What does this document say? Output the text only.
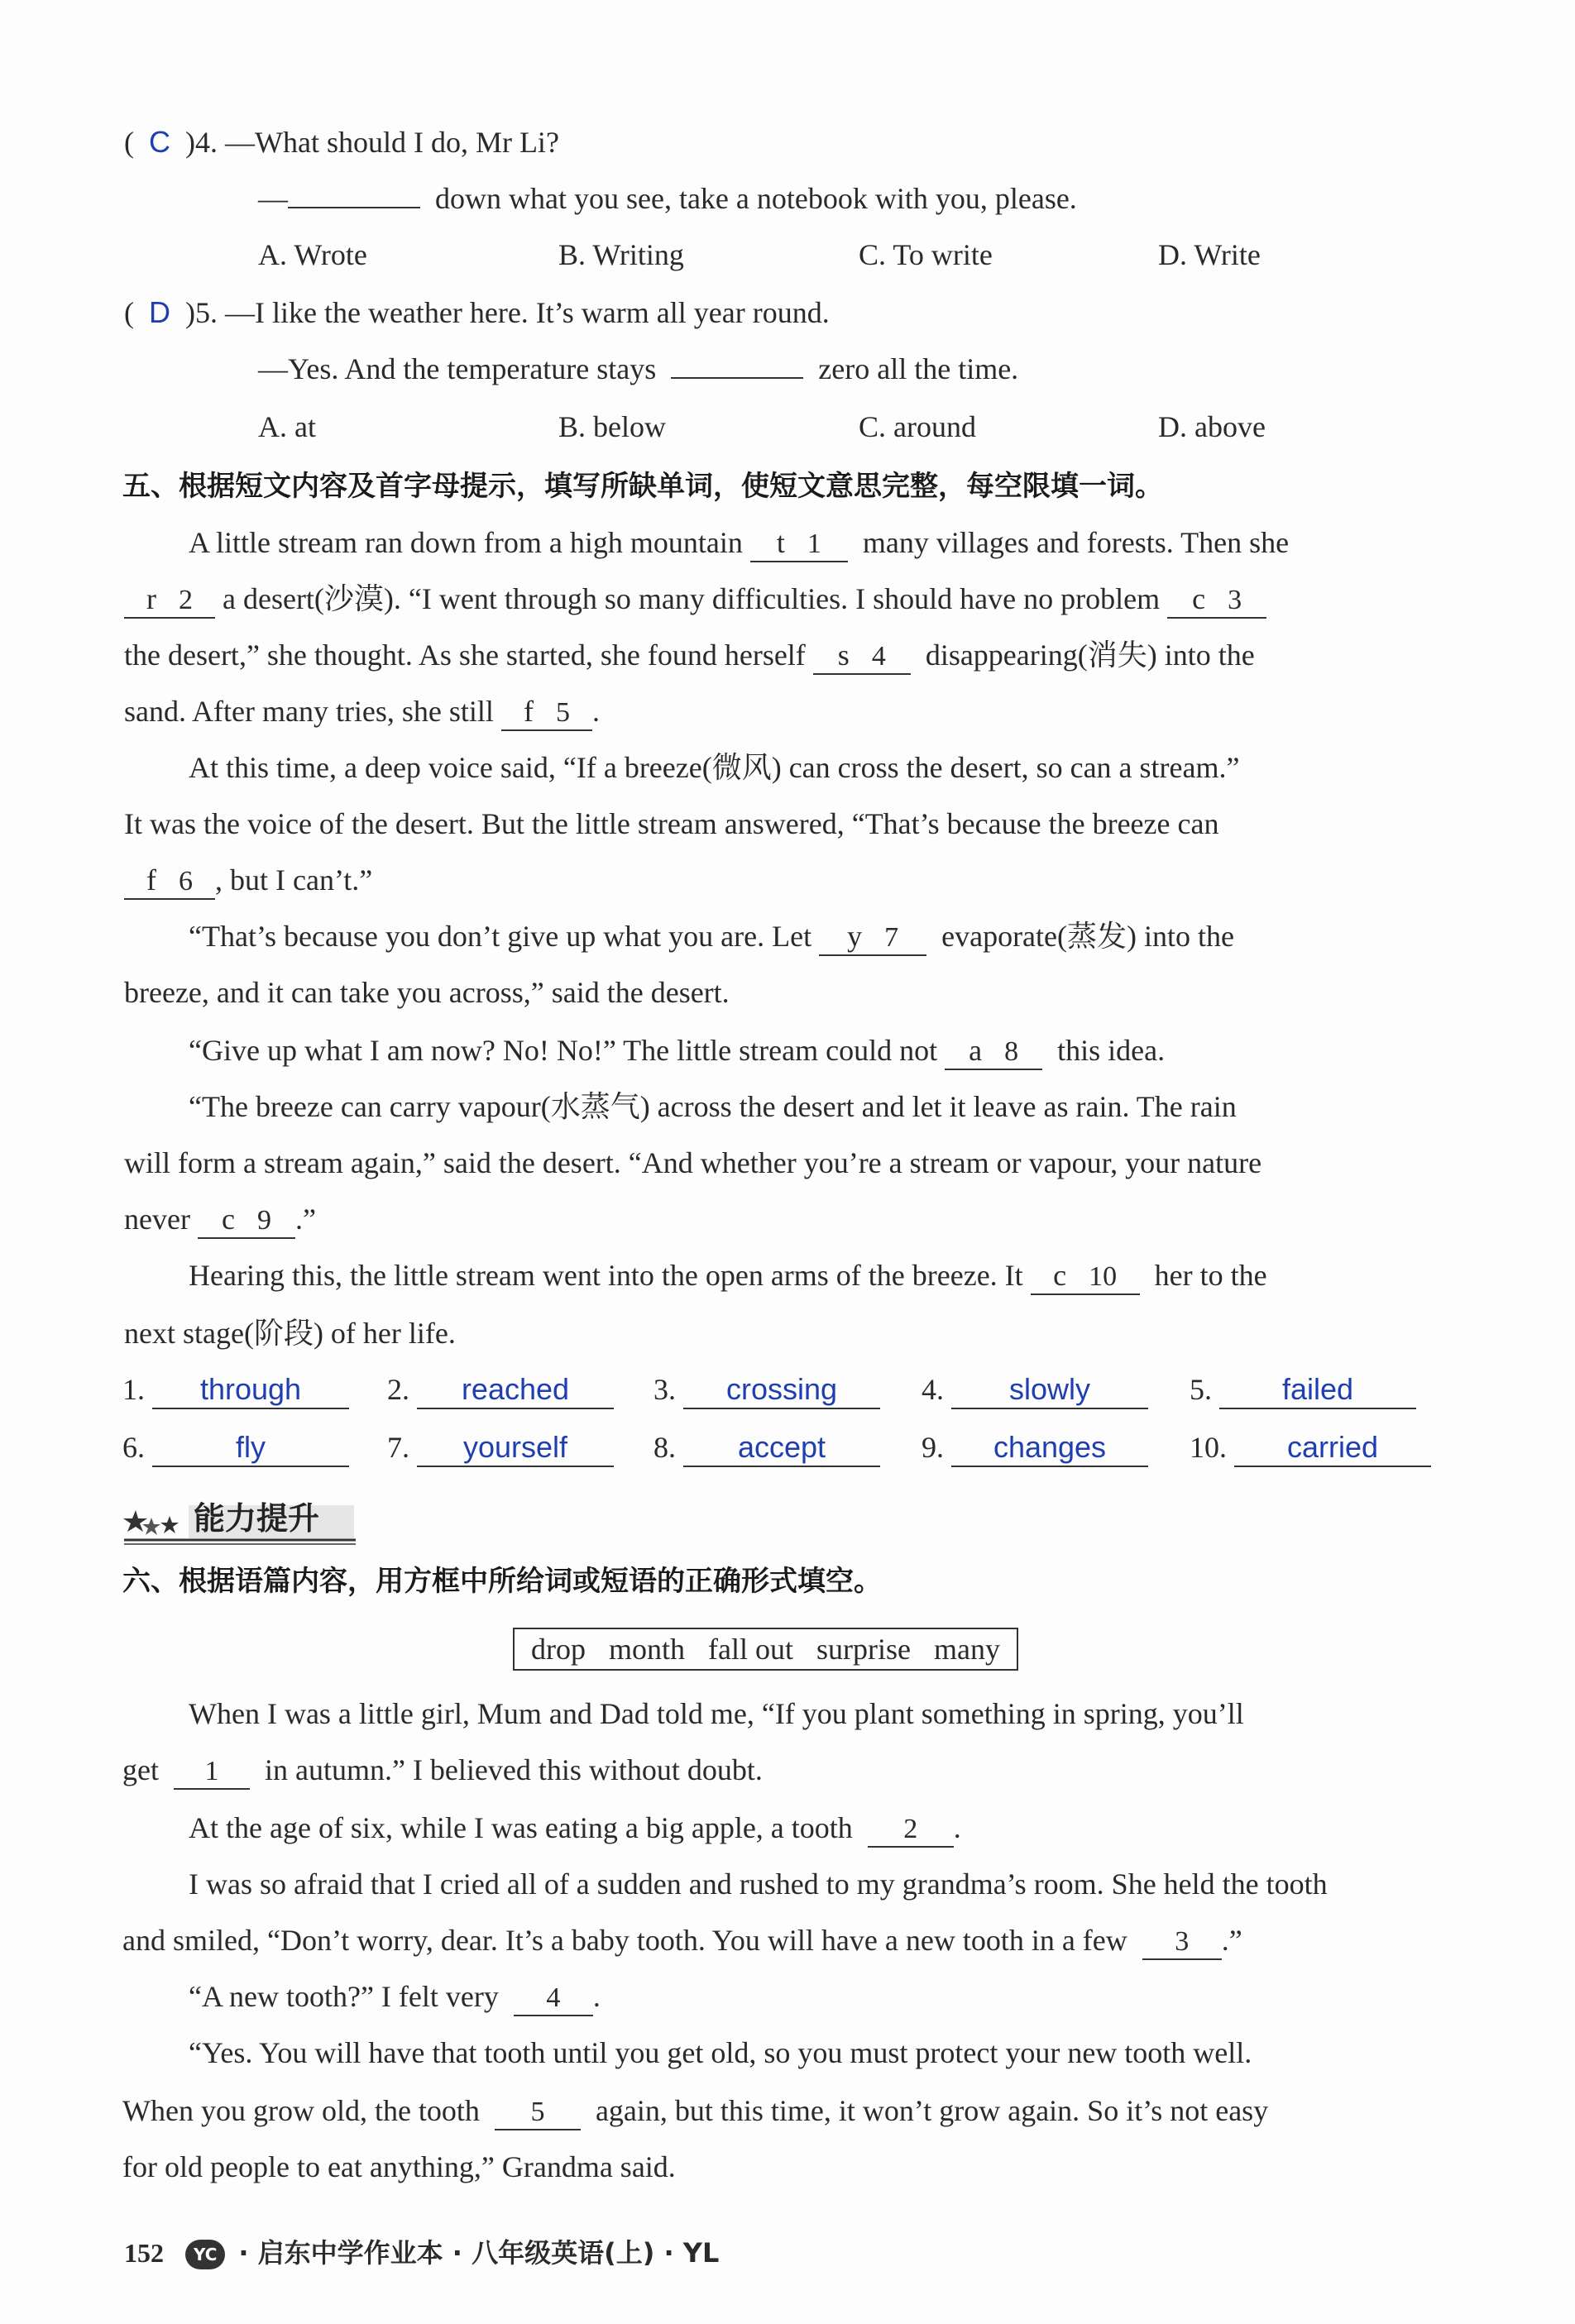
(  C )4. —What should I do, Mr Li?
—	down what you see, take a notebook with you, please.
A. Wrote	B. Writing	C. To write	D. Write
(  D )5. —I like the weather here. It’s warm all year round.
—Yes. And the temperature stays	zero all the time.
A. at	B. below	C. around	D. above
五、根据短文内容及首字母提示，填写所缺单词，使短文意思完整，每空限填一词。
A little stream ran down from a high mountain t 1 many villages and forests. Then she
r 2 a desert(沙漠). “I went through so many difficulties. I should have no problem c 3
the desert,” she thought. As she started, she found herself s 4 disappearing(消失) into the
sand. After many tries, she still f 5 .
At this time, a deep voice said, “If a breeze(微风) can cross the desert, so can a stream.”
It was the voice of the desert. But the little stream answered, “That’s because the breeze can
f 6 , but I can’t.”
“That’s because you don’t give up what you are. Let y 7 evaporate(蒸发) into the
breeze, and it can take you across,” said the desert.
“Give up what I am now? No! No!” The little stream could not a 8 this idea.
“The breeze can carry vapour(水蒸气) across the desert and let it leave as rain. The rain
will form a stream again,” said the desert. “And whether you’re a stream or vapour, your nature
never c 9 .”
Hearing this, the little stream went into the open arms of the breeze. It c 10 her to the
next stage(阶段) of her life.
1. through	2. reached	3. crossing	4. slowly	5. failed
6.	fly	7. yourself	8. accept	9. changes	10. carried
能力提升
六、根据语篇内容，用方框中所给词或短语的正确形式填空。
drop month fall out surprise many
When I was a little girl, Mum and Dad told me, “If you plant something in spring, you’ll
get 1 in autumn.” I believed this without doubt.
At the age of six, while I was eating a big apple, a tooth 2 .
I was so afraid that I cried all of a sudden and rushed to my grandma’s room. She held the tooth
and smiled, “Don’t worry, dear. It’s a baby tooth. You will have a new tooth in a few 3 .”
“A new tooth?” I felt very 4 .
“Yes. You will have that tooth until you get old, so you must protect your new tooth well.
When you grow old, the tooth 5 again, but this time, it won’t grow again. So it’s not easy
for old people to eat anything,” Grandma said.
152 YC · 启东中学作业本 · 八年级英语(上) · YL
